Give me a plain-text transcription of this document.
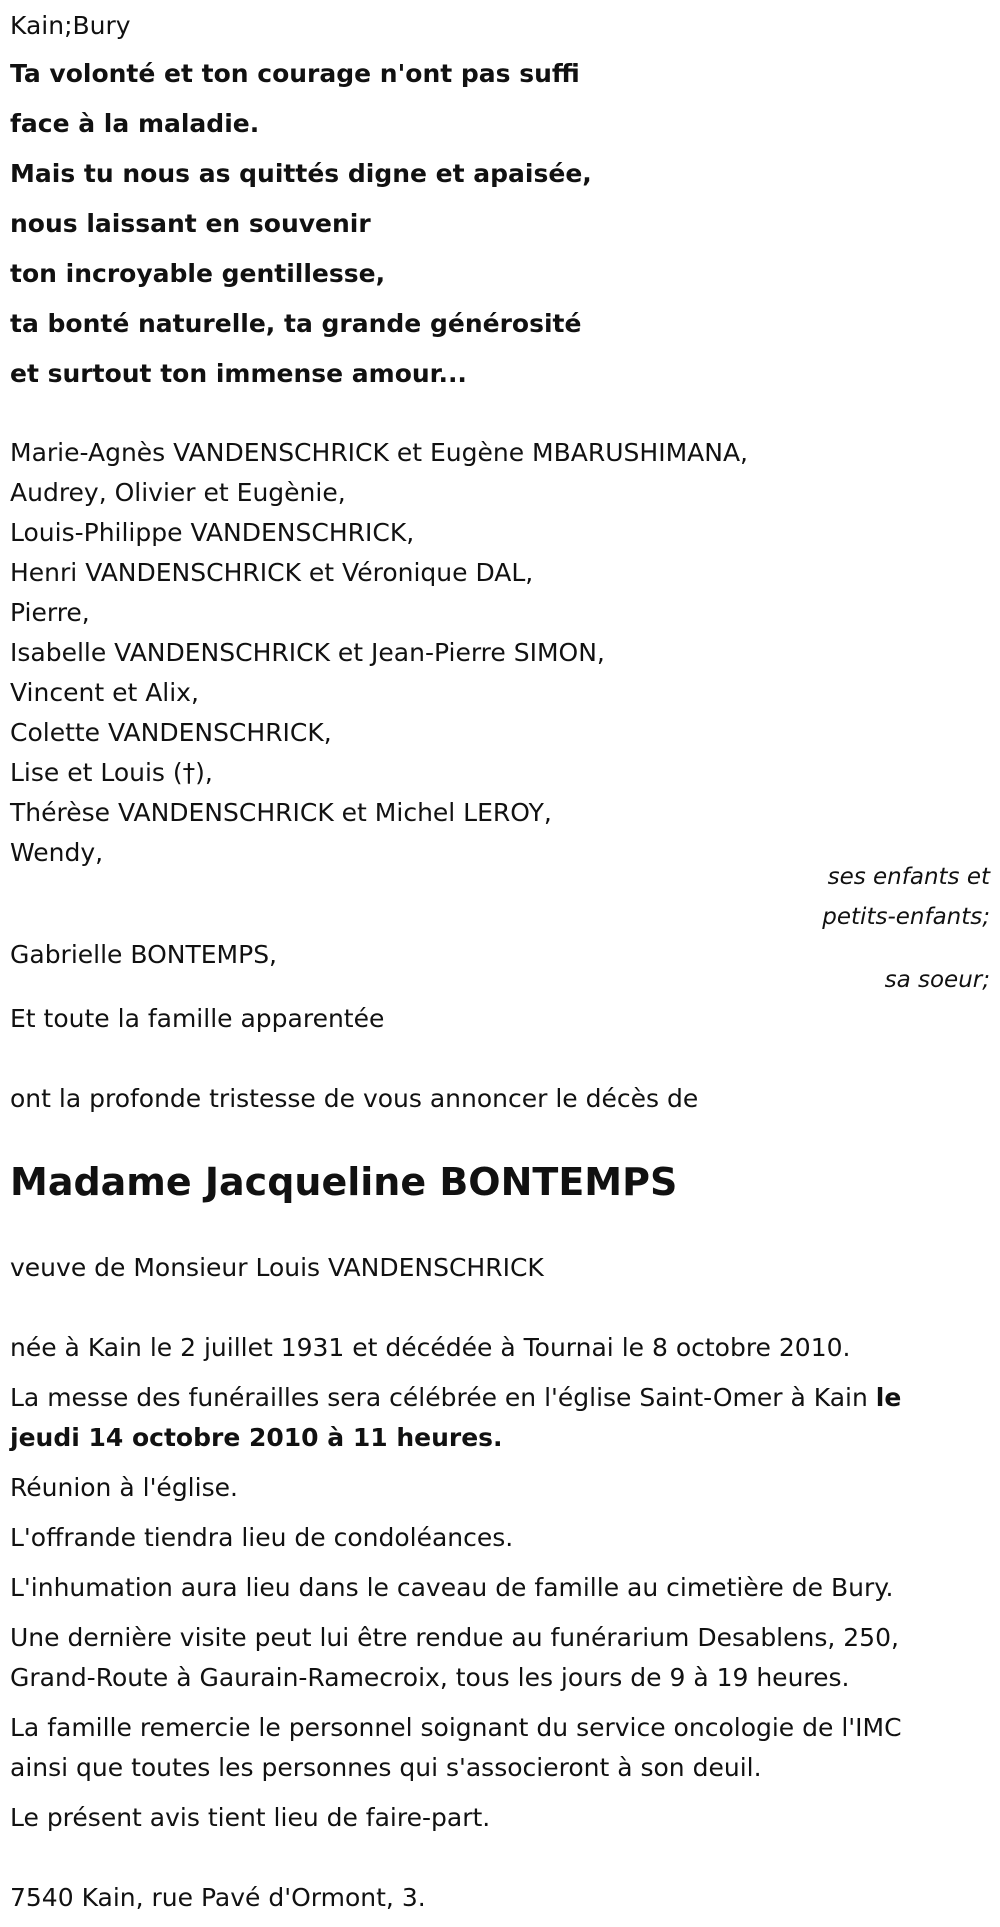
Kain;Bury

Ta volonté et ton courage n'ont pas suffi

face à la maladie.

Mais tu nous as quittés digne et apaisée,

nous laissant en souvenir

ton incroyable gentillesse,

ta bonté naturelle, ta grande générosité

et surtout ton immense amour...

Marie-Agnès VANDENSCHRICK et Eugène MBARUSHIMANA,

Audrey, Olivier et Eugènie,

Louis-Philippe VANDENSCHRICK,

Henri VANDENSCHRICK et Véronique DAL,

Pierre,

Isabelle VANDENSCHRICK et Jean-Pierre SIMON,

Vincent et Alix,

Colette VANDENSCHRICK,

Lise et Louis (†),

Thérèse VANDENSCHRICK et Michel LEROY,

Wendy,

ses enfants et

petits-enfants;

Gabrielle BONTEMPS,

sa soeur;

Et toute la famille apparentée

ont la profonde tristesse de vous annoncer le décès de

Madame Jacqueline BONTEMPS

veuve de Monsieur Louis VANDENSCHRICK

née à Kain le 2 juillet 1931 et décédée à Tournai le 8 octobre 2010.

La messe des funérailles sera célébrée en l'église Saint-Omer à Kain le

jeudi 14 octobre 2010 à 11 heures.

Réunion à l'église.

L'offrande tiendra lieu de condoléances.

L'inhumation aura lieu dans le caveau de famille au cimetière de Bury.

Une dernière visite peut lui être rendue au funérarium Desablens, 250,

Grand-Route à Gaurain-Ramecroix, tous les jours de 9 à 19 heures.

La famille remercie le personnel soignant du service oncologie de l'IMC

ainsi que toutes les personnes qui s'associeront à son deuil.

Le présent avis tient lieu de faire-part.

7540 Kain, rue Pavé d'Ormont, 3.
